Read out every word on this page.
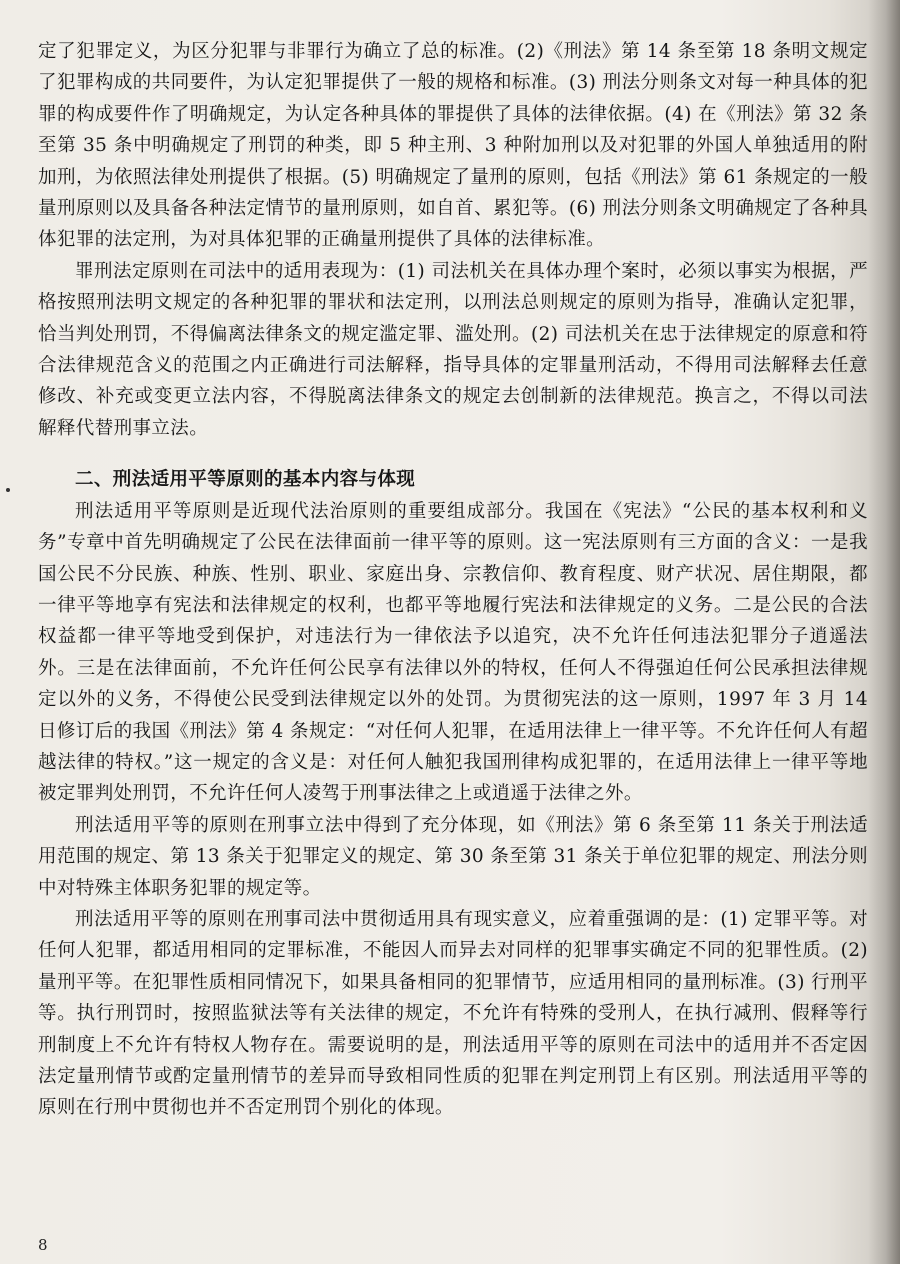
定了犯罪定义，为区分犯罪与非罪行为确立了总的标准。(2)《刑法》第 14 条至第 18 条明文规定了犯罪构成的共同要件，为认定犯罪提供了一般的规格和标准。(3) 刑法分则条文对每一种具体的犯罪的构成要件作了明确规定，为认定各种具体的罪提供了具体的法律依据。(4) 在《刑法》第 32 条至第 35 条中明确规定了刑罚的种类，即 5 种主刑、3 种附加刑以及对犯罪的外国人单独适用的附加刑，为依照法律处刑提供了根据。(5) 明确规定了量刑的原则，包括《刑法》第 61 条规定的一般量刑原则以及具备各种法定情节的量刑原则，如自首、累犯等。(6) 刑法分则条文明确规定了各种具体犯罪的法定刑，为对具体犯罪的正确量刑提供了具体的法律标准。

罪刑法定原则在司法中的适用表现为：(1) 司法机关在具体办理个案时，必须以事实为根据，严格按照刑法明文规定的各种犯罪的罪状和法定刑，以刑法总则规定的原则为指导，准确认定犯罪，恰当判处刑罚，不得偏离法律条文的规定滥定罪、滥处刑。(2) 司法机关在忠于法律规定的原意和符合法律规范含义的范围之内正确进行司法解释，指导具体的定罪量刑活动，不得用司法解释去任意修改、补充或变更立法内容，不得脱离法律条文的规定去创制新的法律规范。换言之，不得以司法解释代替刑事立法。

二、刑法适用平等原则的基本内容与体现

刑法适用平等原则是近现代法治原则的重要组成部分。我国在《宪法》“公民的基本权利和义务”专章中首先明确规定了公民在法律面前一律平等的原则。这一宪法原则有三方面的含义：一是我国公民不分民族、种族、性别、职业、家庭出身、宗教信仰、教育程度、财产状况、居住期限，都一律平等地享有宪法和法律规定的权利，也都平等地履行宪法和法律规定的义务。二是公民的合法权益都一律平等地受到保护，对违法行为一律依法予以追究，决不允许任何违法犯罪分子逍遥法外。三是在法律面前，不允许任何公民享有法律以外的特权，任何人不得强迫任何公民承担法律规定以外的义务，不得使公民受到法律规定以外的处罚。为贯彻宪法的这一原则，1997 年 3 月 14 日修订后的我国《刑法》第 4 条规定：“对任何人犯罪，在适用法律上一律平等。不允许任何人有超越法律的特权。”这一规定的含义是：对任何人触犯我国刑律构成犯罪的，在适用法律上一律平等地被定罪判处刑罚，不允许任何人凌驾于刑事法律之上或逍遥于法律之外。

刑法适用平等的原则在刑事立法中得到了充分体现，如《刑法》第 6 条至第 11 条关于刑法适用范围的规定、第 13 条关于犯罪定义的规定、第 30 条至第 31 条关于单位犯罪的规定、刑法分则中对特殊主体职务犯罪的规定等。

刑法适用平等的原则在刑事司法中贯彻适用具有现实意义，应着重强调的是：(1) 定罪平等。对任何人犯罪，都适用相同的定罪标准，不能因人而异去对同样的犯罪事实确定不同的犯罪性质。(2) 量刑平等。在犯罪性质相同情况下，如果具备相同的犯罪情节，应适用相同的量刑标准。(3) 行刑平等。执行刑罚时，按照监狱法等有关法律的规定，不允许有特殊的受刑人，在执行减刑、假释等行刑制度上不允许有特权人物存在。需要说明的是，刑法适用平等的原则在司法中的适用并不否定因法定量刑情节或酌定量刑情节的差异而导致相同性质的犯罪在判定刑罚上有区别。刑法适用平等的原则在行刑中贯彻也并不否定刑罚个别化的体现。

8
